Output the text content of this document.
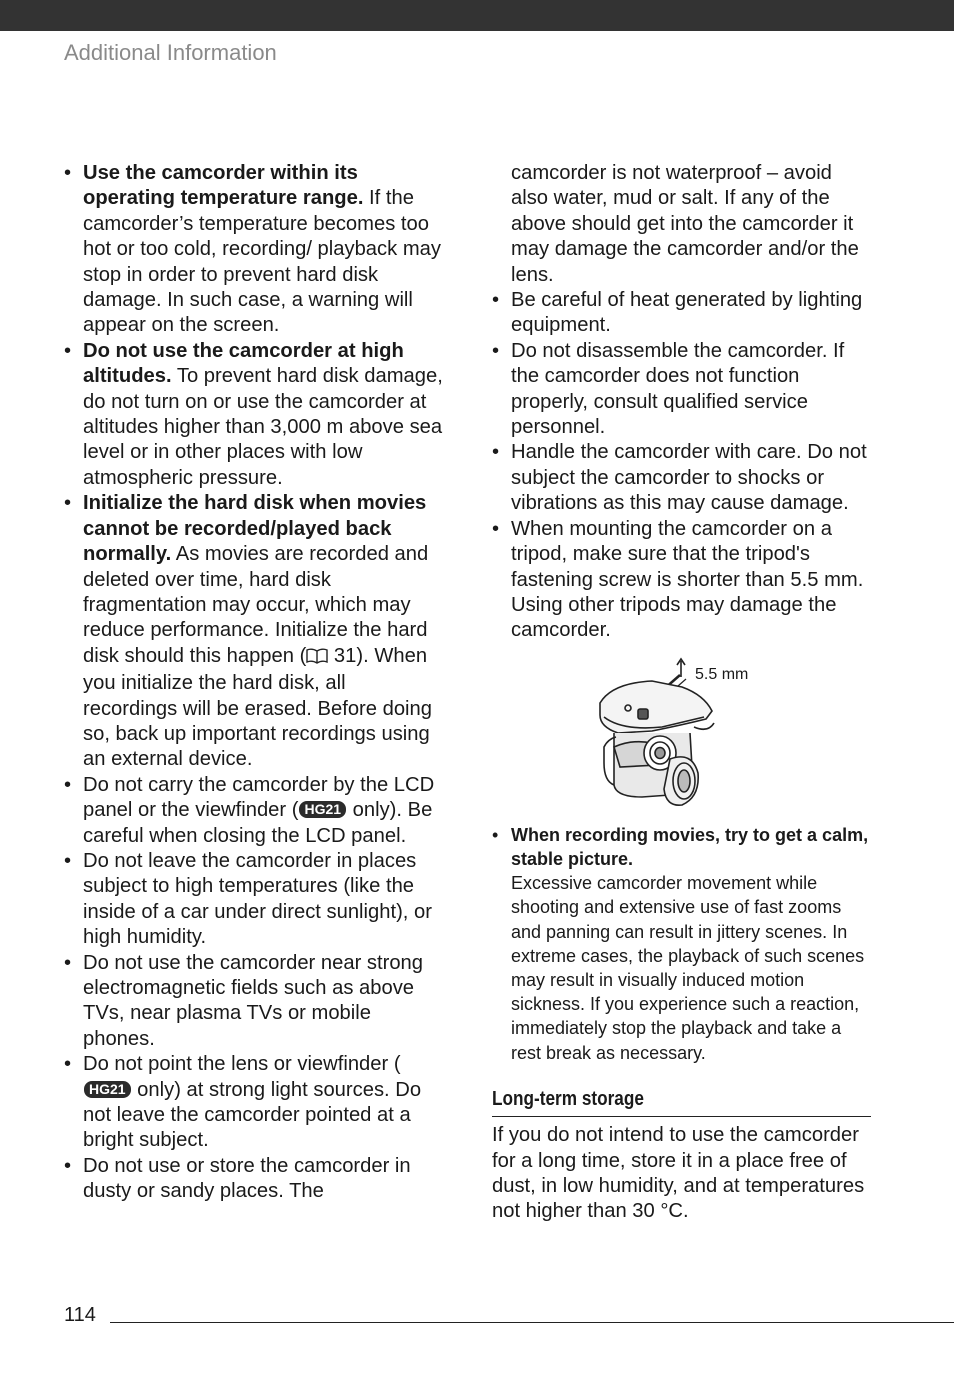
Additional Information
• Use the camcorder within its operating temperature range. If the camcorder’s temperature becomes too hot or too cold, recording/ playback may stop in order to prevent hard disk damage. In such case, a warning will appear on the screen.
• Do not use the camcorder at high altitudes. To prevent hard disk damage, do not turn on or use the camcorder at altitudes higher than 3,000 m above sea level or in other places with low atmospheric pressure.
• Initialize the hard disk when movies cannot be recorded/played back normally. As movies are recorded and deleted over time, hard disk fragmentation may occur, which may reduce performance. Initialize the hard disk should this happen ( 31). When you initialize the hard disk, all recordings will be erased. Before doing so, back up important recordings using an external device.
• Do not carry the camcorder by the LCD panel or the viewfinder ( HG21 only). Be careful when closing the LCD panel.
• Do not leave the camcorder in places subject to high temperatures (like the inside of a car under direct sunlight), or high humidity.
• Do not use the camcorder near strong electromagnetic fields such as above TVs, near plasma TVs or mobile phones.
• Do not point the lens or viewfinder (HG21 only) at strong light sources. Do not leave the camcorder pointed at a bright subject.
• Do not use or store the camcorder in dusty or sandy places. The
camcorder is not waterproof – avoid also water, mud or salt. If any of the above should get into the camcorder it may damage the camcorder and/or the lens.
• Be careful of heat generated by lighting equipment.
• Do not disassemble the camcorder. If the camcorder does not function properly, consult qualified service personnel.
• Handle the camcorder with care. Do not subject the camcorder to shocks or vibrations as this may cause damage.
• When mounting the camcorder on a tripod, make sure that the tripod's fastening screw is shorter than 5.5 mm. Using other tripods may damage the camcorder.
5.5 mm
• When recording movies, try to get a calm, stable picture.
Excessive camcorder movement while shooting and extensive use of fast zooms and panning can result in jittery scenes. In extreme cases, the playback of such scenes may result in visually induced motion sickness. If you experience such a reaction, immediately stop the playback and take a rest break as necessary.
Long-term storage
If you do not intend to use the camcorder for a long time, store it in a place free of dust, in low humidity, and at temperatures not higher than 30 °C.
114
